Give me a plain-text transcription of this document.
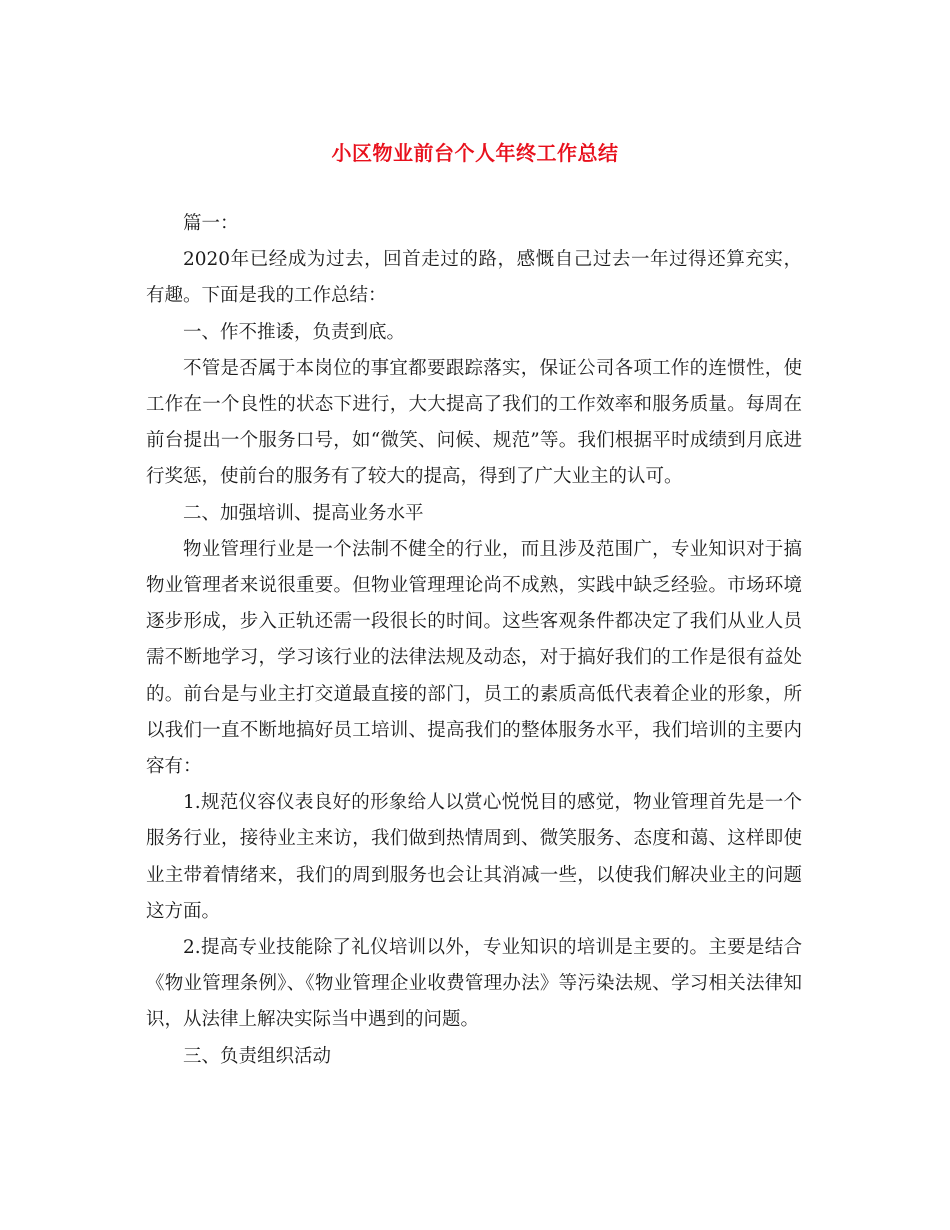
小区物业前台个人年终工作总结

篇一：

2020年已经成为过去，回首走过的路，感慨自己过去一年过得还算充实，有趣。下面是我的工作总结：

一、作不推诿，负责到底。

不管是否属于本岗位的事宜都要跟踪落实，保证公司各项工作的连惯性，使工作在一个良性的状态下进行，大大提高了我们的工作效率和服务质量。每周在前台提出一个服务口号，如“微笑、问候、规范”等。我们根据平时成绩到月底进行奖惩，使前台的服务有了较大的提高，得到了广大业主的认可。

二、加强培训、提高业务水平

物业管理行业是一个法制不健全的行业，而且涉及范围广，专业知识对于搞物业管理者来说很重要。但物业管理理论尚不成熟，实践中缺乏经验。市场环境逐步形成，步入正轨还需一段很长的时间。这些客观条件都决定了我们从业人员需不断地学习，学习该行业的法律法规及动态，对于搞好我们的工作是很有益处的。前台是与业主打交道最直接的部门，员工的素质高低代表着企业的形象，所以我们一直不断地搞好员工培训、提高我们的整体服务水平，我们培训的主要内容有：

1.规范仪容仪表良好的形象给人以赏心悦悦目的感觉，物业管理首先是一个服务行业，接待业主来访，我们做到热情周到、微笑服务、态度和蔼、这样即使业主带着情绪来，我们的周到服务也会让其消减一些，以使我们解决业主的问题这方面。

2.提高专业技能除了礼仪培训以外，专业知识的培训是主要的。主要是结合《物业管理条例》、《物业管理企业收费管理办法》等污染法规、学习相关法律知识，从法律上解决实际当中遇到的问题。

三、负责组织活动
